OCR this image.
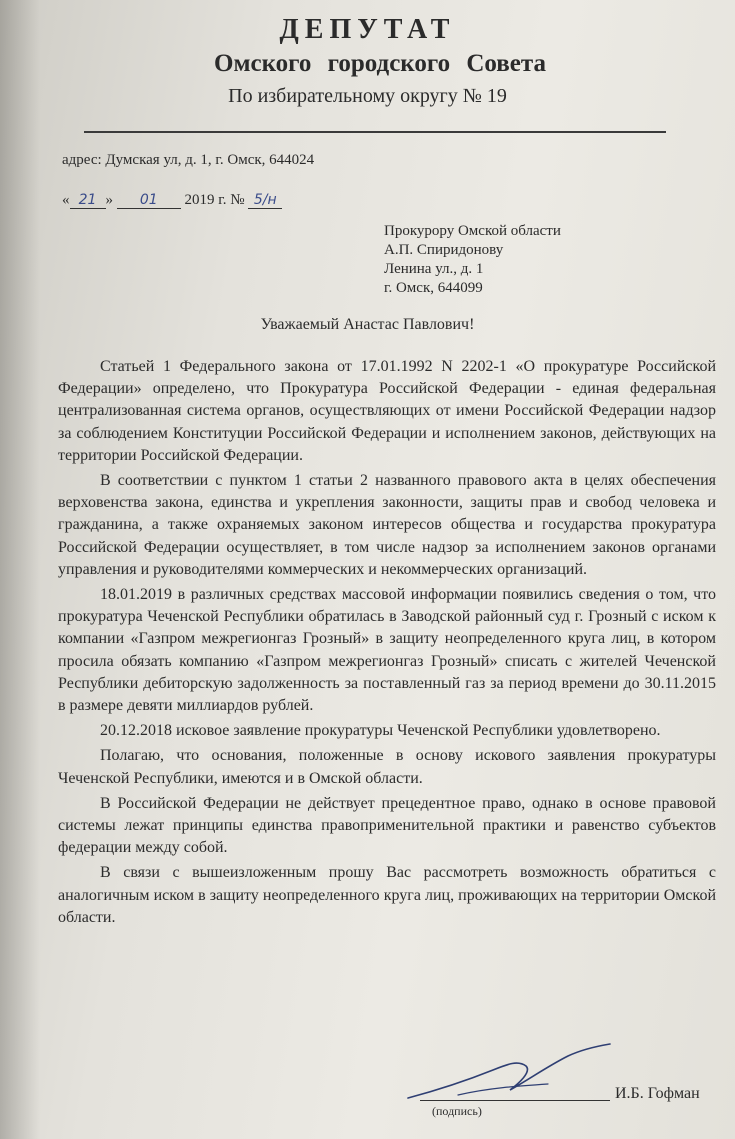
ДЕПУТАТ
Омского городского Совета
По избирательному округу № 19
адрес: Думская ул, д. 1, г. Омск, 644024
« 21 » 01 2019 г. № 5/н
Прокурору Омской области
А.П. Спиридонову
Ленина ул., д. 1
г. Омск, 644099
Уважаемый Анастас Павлович!

Статьей 1 Федерального закона от 17.01.1992 N 2202-1 «О прокуратуре Российской Федерации» определено, что Прокуратура Российской Федерации - единая федеральная централизованная система органов, осуществляющих от имени Российской Федерации надзор за соблюдением Конституции Российской Федерации и исполнением законов, действующих на территории Российской Федерации.

В соответствии с пунктом 1 статьи 2 названного правового акта в целях обеспечения верховенства закона, единства и укрепления законности, защиты прав и свобод человека и гражданина, а также охраняемых законом интересов общества и государства прокуратура Российской Федерации осуществляет, в том числе надзор за исполнением законов органами управления и руководителями коммерческих и некоммерческих организаций.

18.01.2019 в различных средствах массовой информации появились сведения о том, что прокуратура Чеченской Республики обратилась в Заводской районный суд г. Грозный с иском к компании «Газпром межрегионгаз Грозный» в защиту неопределенного круга лиц, в котором просила обязать компанию «Газпром межрегионгаз Грозный» списать с жителей Чеченской Республики дебиторскую задолженность за поставленный газ за период времени до 30.11.2015 в размере девяти миллиардов рублей.

20.12.2018 исковое заявление прокуратуры Чеченской Республики удовлетворено.

Полагаю, что основания, положенные в основу искового заявления прокуратуры Чеченской Республики, имеются и в Омской области.

В Российской Федерации не действует прецедентное право, однако в основе правовой системы лежат принципы единства правоприменительной практики и равенство субъектов федерации между собой.

В связи с вышеизложенным прошу Вас рассмотреть возможность обратиться с аналогичным иском в защиту неопределенного круга лиц, проживающих на территории Омской области.

(подпись)
И.Б. Гофман
